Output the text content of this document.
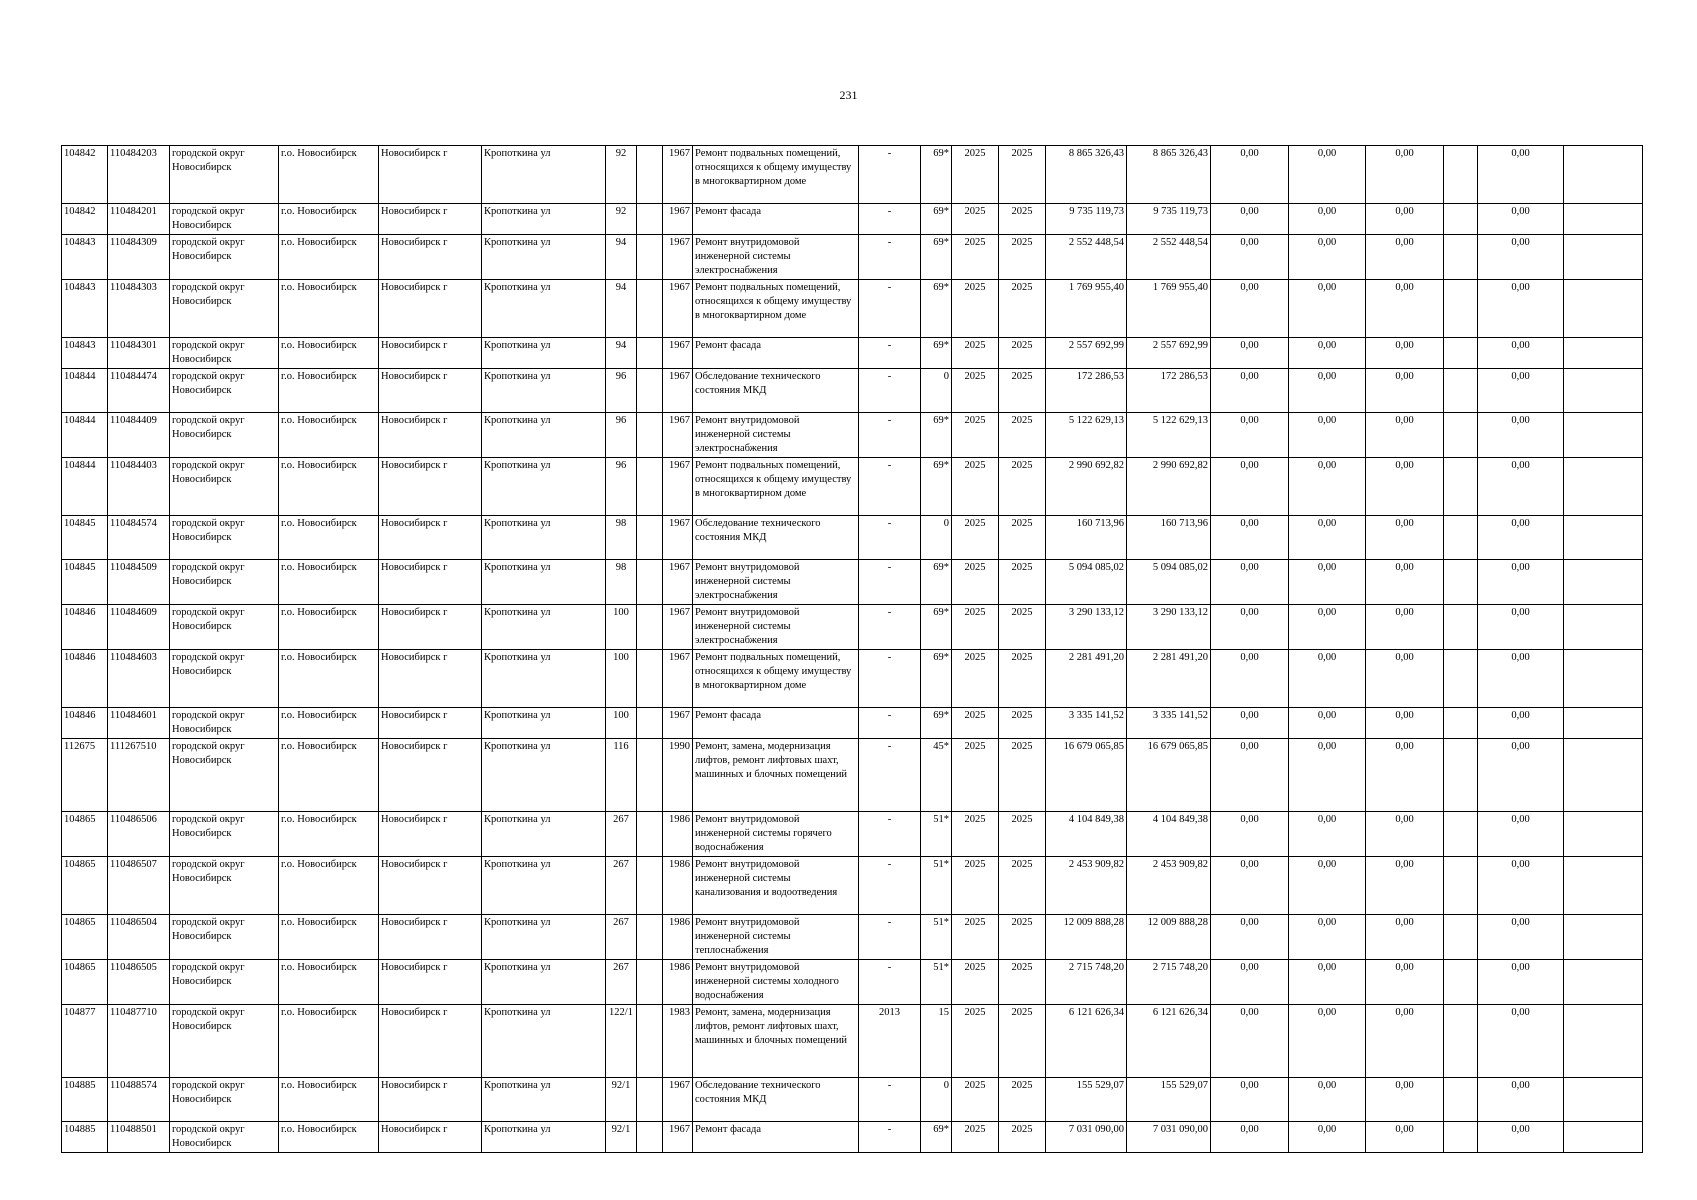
231
104842	110484203	городской округ Новосибирск	г.о. Новосибирск	Новосибирск г	Кропоткина ул	92		1967	Ремонт подвальных помещений, относящихся к общему имуществу в многоквартирном доме	-	69*	2025	2025	8 865 326,43	8 865 326,43	0,00	0,00	0,00		0,00	
104842	110484201	городской округ Новосибирск	г.о. Новосибирск	Новосибирск г	Кропоткина ул	92		1967	Ремонт фасада	-	69*	2025	2025	9 735 119,73	9 735 119,73	0,00	0,00	0,00		0,00	
104843	110484309	городской округ Новосибирск	г.о. Новосибирск	Новосибирск г	Кропоткина ул	94		1967	Ремонт внутридомовой инженерной системы электроснабжения	-	69*	2025	2025	2 552 448,54	2 552 448,54	0,00	0,00	0,00		0,00	
104843	110484303	городской округ Новосибирск	г.о. Новосибирск	Новосибирск г	Кропоткина ул	94		1967	Ремонт подвальных помещений, относящихся к общему имуществу в многоквартирном доме	-	69*	2025	2025	1 769 955,40	1 769 955,40	0,00	0,00	0,00		0,00	
104843	110484301	городской округ Новосибирск	г.о. Новосибирск	Новосибирск г	Кропоткина ул	94		1967	Ремонт фасада	-	69*	2025	2025	2 557 692,99	2 557 692,99	0,00	0,00	0,00		0,00	
104844	110484474	городской округ Новосибирск	г.о. Новосибирск	Новосибирск г	Кропоткина ул	96		1967	Обследование технического состояния МКД	-	0	2025	2025	172 286,53	172 286,53	0,00	0,00	0,00		0,00	
104844	110484409	городской округ Новосибирск	г.о. Новосибирск	Новосибирск г	Кропоткина ул	96		1967	Ремонт внутридомовой инженерной системы электроснабжения	-	69*	2025	2025	5 122 629,13	5 122 629,13	0,00	0,00	0,00		0,00	
104844	110484403	городской округ Новосибирск	г.о. Новосибирск	Новосибирск г	Кропоткина ул	96		1967	Ремонт подвальных помещений, относящихся к общему имуществу в многоквартирном доме	-	69*	2025	2025	2 990 692,82	2 990 692,82	0,00	0,00	0,00		0,00	
104845	110484574	городской округ Новосибирск	г.о. Новосибирск	Новосибирск г	Кропоткина ул	98		1967	Обследование технического состояния МКД	-	0	2025	2025	160 713,96	160 713,96	0,00	0,00	0,00		0,00	
104845	110484509	городской округ Новосибирск	г.о. Новосибирск	Новосибирск г	Кропоткина ул	98		1967	Ремонт внутридомовой инженерной системы электроснабжения	-	69*	2025	2025	5 094 085,02	5 094 085,02	0,00	0,00	0,00		0,00	
104846	110484609	городской округ Новосибирск	г.о. Новосибирск	Новосибирск г	Кропоткина ул	100		1967	Ремонт внутридомовой инженерной системы электроснабжения	-	69*	2025	2025	3 290 133,12	3 290 133,12	0,00	0,00	0,00		0,00	
104846	110484603	городской округ Новосибирск	г.о. Новосибирск	Новосибирск г	Кропоткина ул	100		1967	Ремонт подвальных помещений, относящихся к общему имуществу в многоквартирном доме	-	69*	2025	2025	2 281 491,20	2 281 491,20	0,00	0,00	0,00		0,00	
104846	110484601	городской округ Новосибирск	г.о. Новосибирск	Новосибирск г	Кропоткина ул	100		1967	Ремонт фасада	-	69*	2025	2025	3 335 141,52	3 335 141,52	0,00	0,00	0,00		0,00	
112675	111267510	городской округ Новосибирск	г.о. Новосибирск	Новосибирск г	Кропоткина ул	116		1990	Ремонт, замена, модернизация лифтов, ремонт лифтовых шахт, машинных и блочных помещений	-	45*	2025	2025	16 679 065,85	16 679 065,85	0,00	0,00	0,00		0,00	
104865	110486506	городской округ Новосибирск	г.о. Новосибирск	Новосибирск г	Кропоткина ул	267		1986	Ремонт внутридомовой инженерной системы горячего водоснабжения	-	51*	2025	2025	4 104 849,38	4 104 849,38	0,00	0,00	0,00		0,00	
104865	110486507	городской округ Новосибирск	г.о. Новосибирск	Новосибирск г	Кропоткина ул	267		1986	Ремонт внутридомовой инженерной системы канализования и водоотведения	-	51*	2025	2025	2 453 909,82	2 453 909,82	0,00	0,00	0,00		0,00	
104865	110486504	городской округ Новосибирск	г.о. Новосибирск	Новосибирск г	Кропоткина ул	267		1986	Ремонт внутридомовой инженерной системы теплоснабжения	-	51*	2025	2025	12 009 888,28	12 009 888,28	0,00	0,00	0,00		0,00	
104865	110486505	городской округ Новосибирск	г.о. Новосибирск	Новосибирск г	Кропоткина ул	267		1986	Ремонт внутридомовой инженерной системы холодного водоснабжения	-	51*	2025	2025	2 715 748,20	2 715 748,20	0,00	0,00	0,00		0,00	
104877	110487710	городской округ Новосибирск	г.о. Новосибирск	Новосибирск г	Кропоткина ул	122/1		1983	Ремонт, замена, модернизация лифтов, ремонт лифтовых шахт, машинных и блочных помещений	2013	15	2025	2025	6 121 626,34	6 121 626,34	0,00	0,00	0,00		0,00	
104885	110488574	городской округ Новосибирск	г.о. Новосибирск	Новосибирск г	Кропоткина ул	92/1		1967	Обследование технического состояния МКД	-	0	2025	2025	155 529,07	155 529,07	0,00	0,00	0,00		0,00	
104885	110488501	городской округ Новосибирск	г.о. Новосибирск	Новосибирск г	Кропоткина ул	92/1		1967	Ремонт фасада	-	69*	2025	2025	7 031 090,00	7 031 090,00	0,00	0,00	0,00		0,00	
